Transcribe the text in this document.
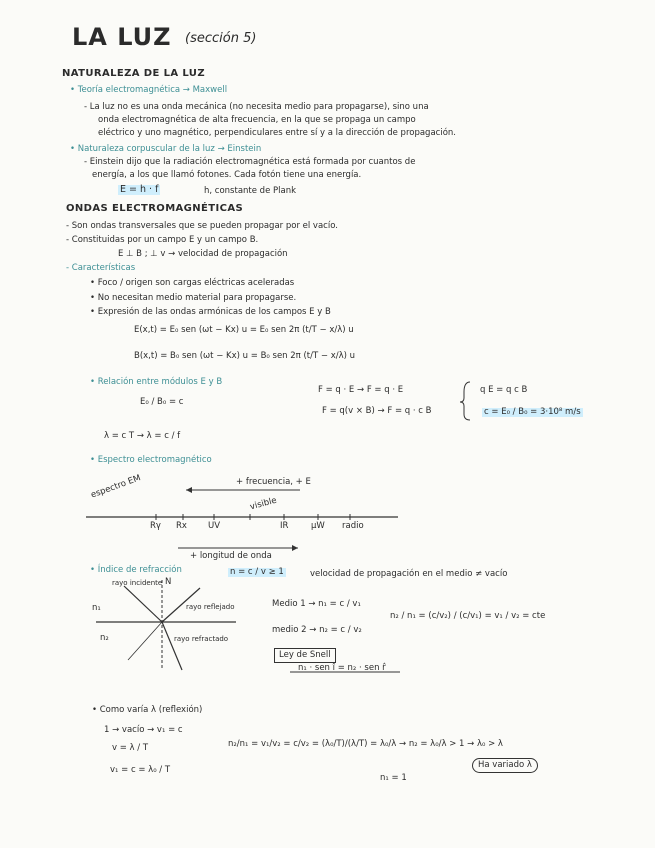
LA LUZ (sección 5)
NATURALEZA DE LA LUZ
• Teoría electromagnética → Maxwell
- La luz no es una onda mecánica (no necesita medio para propagarse), sino una
onda electromagnética de alta frecuencia, en la que se propaga un campo
eléctrico y uno magnético, perpendiculares entre sí y a la dirección de propagación.
• Naturaleza corpuscular de la luz → Einstein
- Einstein dijo que la radiación electromagnética está formada por cuantos de
energía, a los que llamó fotones. Cada fotón tiene una energía.
E = h · f	h, constante de Plank
ONDAS ELECTROMAGNÉTICAS
- Son ondas transversales que se pueden propagar por el vacío.
- Constituidas por un campo E y un campo B.
E ⊥ B ; ⊥ v → velocidad de propagación
- Características
• Foco / origen son cargas eléctricas aceleradas
• No necesitan medio material para propagarse.
• Expresión de las ondas armónicas de los campos E y B
E(x,t) = E₀ sen (ωt − Kx) u = E₀ sen 2π (t/T − x/λ) u
B(x,t) = B₀ sen (ωt − Kx) u = B₀ sen 2π (t/T − x/λ) u
• Relación entre módulos E y B
E₀ / B₀ = c
F = q · E → F = q · E
F = q(v × B) → F = q · c B
q E = q c B
c = E₀ / B₀ = 3·10⁸ m/s
λ = c T → λ = c / f
• Espectro electromagnético
+ frecuencia, + E
espectro EM
visible
Rγ Rx UV	IR	μW radio
+ longitud de onda
• Índice de refracción	n = c / v ≥ 1	velocidad de propagación en el medio ≠ vacío
rayo incidente
rayo reflejado
rayo refractado
n₁
n₂
N
Medio 1 → n₁ = c / v₁
medio 2 → n₂ = c / v₂
n₂ / n₁ = (c/v₂) / (c/v₁) = v₁ / v₂ = cte
Ley de Snell
n₁ · sen î = n₂ · sen r̂
• Como varía λ (reflexión)
1 → vacío → v₁ = c
v = λ / T
v₁ = c = λ₀ / T
n₂/n₁ = v₁/v₂ = c/v₂ = (λ₀/T)/(λ/T) = λ₀/λ → n₂ = λ₀/λ > 1 → λ₀ > λ
n₁ = 1
Ha variado λ
